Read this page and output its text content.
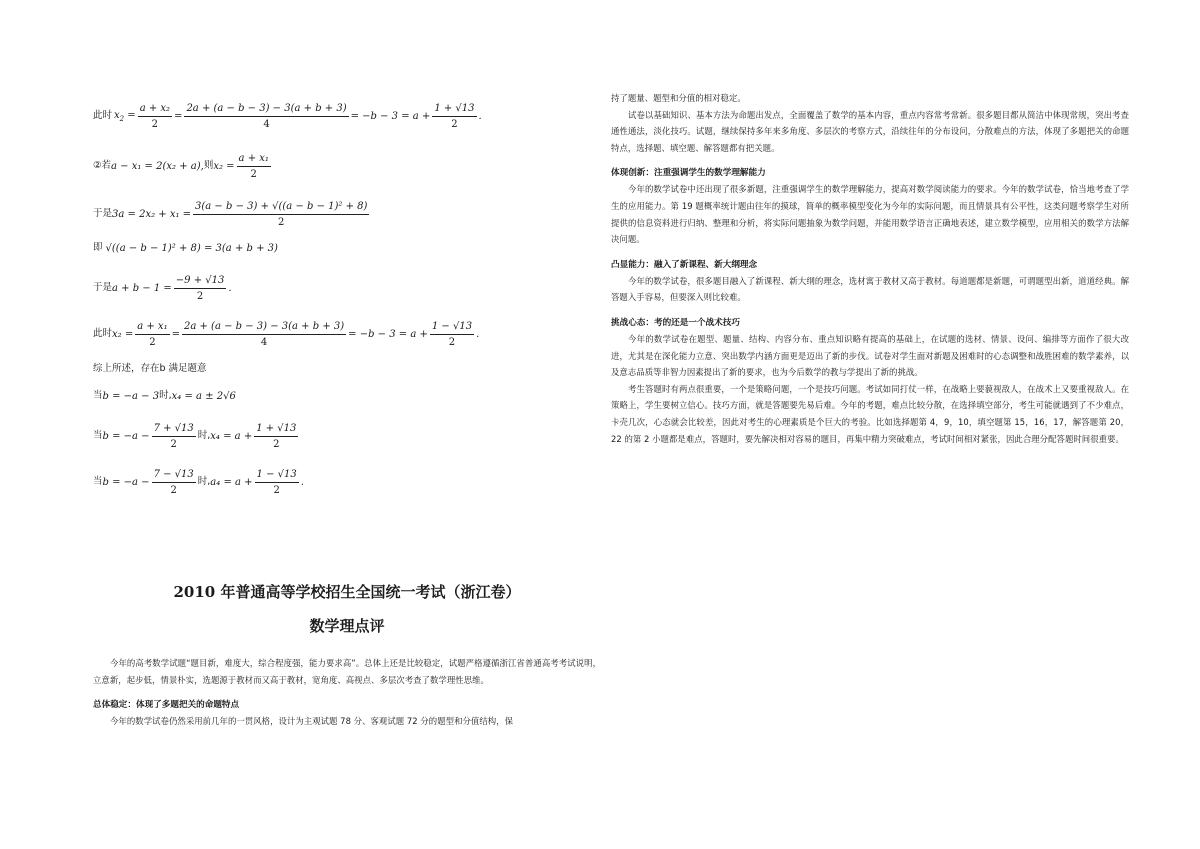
此时 $x_2 = \frac{\text{a + x₂}}{2} = \frac{2a + (a - b - 3) - 3(a + b + 3)}{4} = -b - 3 = a + \frac{1 + √13}{2}$ .
②若 a − x₁ = 2(x₂ + a), 则 $x_2 = \frac{\text{a + x₁}}{2}$
于是 $3a = 2x_2 + x_1 = \frac{\text{3(a − b − 3) + √((a − b − 1)² + 8)}}{2}$
即 √((a − b − 1)² + 8) = 3(a + b + 3)
于是 $a + b - 1 = \frac{-9 + √13}{2}$ .
此时 $x_2 = \frac{\text{a + x₁}}{2} = \frac{2a + (a - b - 3) - 3(a + b + 3)}{4} = -b - 3 = a + \frac{1 - √13}{2}$ .
综上所述，存在b 满足题意
当 b = −a − 3 时, x₄ = a ± 2√6
当 $b = -a - \frac{7 + √13}{2}$ 时, $x_4 = a + \frac{1 + √13}{2}$
当 $b = -a - \frac{7 - √13}{2}$ 时, $a_4 = a + \frac{1 - √13}{2}$ .
2010 年普通高等学校招生全国统一考试（浙江卷）
数学理点评

今年的高考数学试题“题目新，难度大，综合程度强，能力要求高”。总体上还是比较稳定，试题严格遵循浙江省普通高考考试说明，立意新，起步低，情景朴实，选题源于教材而又高于教材，宽角度、高视点、多层次考查了数学理性思维。

总体稳定：体现了多题把关的命题特点

今年的数学试卷仍然采用前几年的一贯风格，设计为主观试题 78 分、客观试题 72 分的题型和分值结构，保

持了题量、题型和分值的相对稳定。

试卷以基础知识、基本方法为命题出发点，全面覆盖了数学的基本内容，重点内容常考常新。很多题目都从简洁中体现常规，突出考查通性通法，淡化技巧。试题，继续保持多年来多角度、多层次的考察方式，沿续往年的分布设问，分散难点的方法，体现了多题把关的命题特点，选择题、填空题、解答题都有把关题。

体现创新：注重强调学生的数学理解能力

今年的数学试卷中还出现了很多新题，注重强调学生的数学理解能力，提高对数学阅读能力的要求。今年的数学试卷，恰当地考查了学生的应用能力。第 19 题概率统计题由往年的摸球，简单的概率模型变化为今年的实际问题，而且情景具有公平性，这类问题考察学生对所提供的信息资料进行归纳、整理和分析，将实际问题抽象为数学问题，并能用数学语言正确地表述，建立数学模型，应用相关的数学方法解决问题。

凸显能力：融入了新课程、新大纲理念

今年的数学试卷，很多题目融入了新课程、新大纲的理念，选材寓于教材又高于教材。每道题都是新题，可谓题型出新，道道经典。解答题入手容易，但要深入则比较难。

挑战心态：考的还是一个战术技巧

今年的数学试卷在题型、题量、结构、内容分布、重点知识略有提高的基础上，在试题的选材、情景、设问、编排等方面作了很大改进，尤其是在深化能力立意、突出数学内涵方面更是迈出了新的步伐。试卷对学生面对新题及困难时的心态调整和战胜困难的数学素养，以及意志品质等非智力因素提出了新的要求，也为今后数学的教与学提出了新的挑战。

考生答题时有两点很重要，一个是策略问题，一个是技巧问题。考试如同打仗一样，在战略上要藐视敌人，在战术上又要重视敌人。在策略上，学生要树立信心。技巧方面，就是答题要先易后难。今年的考题，难点比较分散，在选择填空部分，考生可能就遇到了不少难点，卡壳几次，心态就会比较差，因此对考生的心理素质是个巨大的考验。比如选择题第 4，9，10，填空题第 15，16，17，解答题第 20，22 的第 2 小题都是难点，答题时，要先解决相对容易的题目，再集中精力突破难点，考试时间相对紧张，因此合理分配答题时间很重要。
